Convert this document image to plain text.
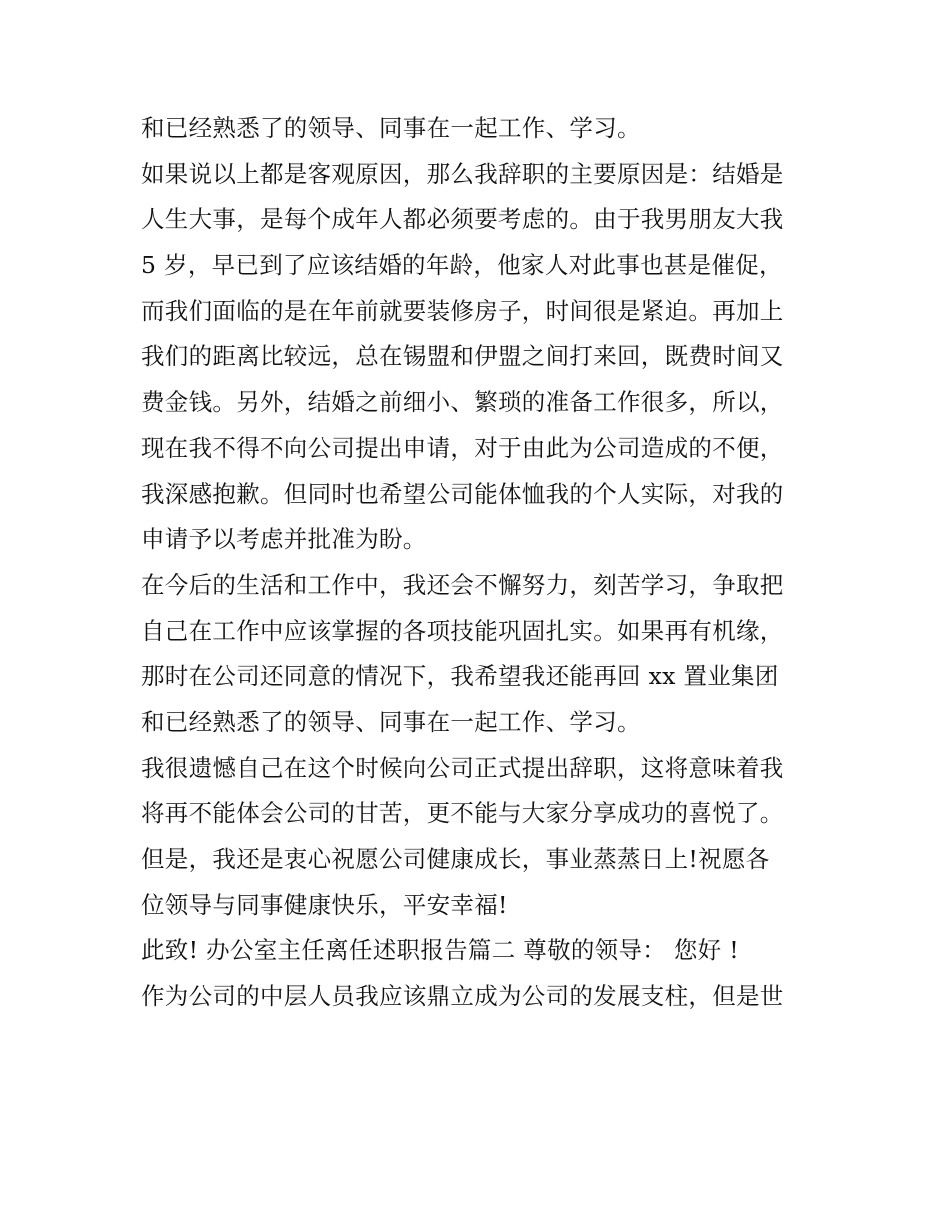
和已经熟悉了的领导、同事在一起工作、学习。
如果说以上都是客观原因，那么我辞职的主要原因是：结婚是
人生大事，是每个成年人都必须要考虑的。由于我男朋友大我
5 岁，早已到了应该结婚的年龄，他家人对此事也甚是催促，
而我们面临的是在年前就要装修房子，时间很是紧迫。再加上
我们的距离比较远，总在锡盟和伊盟之间打来回，既费时间又
费金钱。另外，结婚之前细小、繁琐的准备工作很多，所以，
现在我不得不向公司提出申请，对于由此为公司造成的不便，
我深感抱歉。但同时也希望公司能体恤我的个人实际，对我的
申请予以考虑并批准为盼。
在今后的生活和工作中，我还会不懈努力，刻苦学习，争取把
自己在工作中应该掌握的各项技能巩固扎实。如果再有机缘，
那时在公司还同意的情况下，我希望我还能再回 xx 置业集团
和已经熟悉了的领导、同事在一起工作、学习。
我很遗憾自己在这个时候向公司正式提出辞职，这将意味着我
将再不能体会公司的甘苦，更不能与大家分享成功的喜悦了。
但是，我还是衷心祝愿公司健康成长，事业蒸蒸日上!祝愿各
位领导与同事健康快乐，平安幸福!
此致! 办公室主任离任述职报告篇二 尊敬的领导： 您好 !
作为公司的中层人员我应该鼎立成为公司的发展支柱，但是世
